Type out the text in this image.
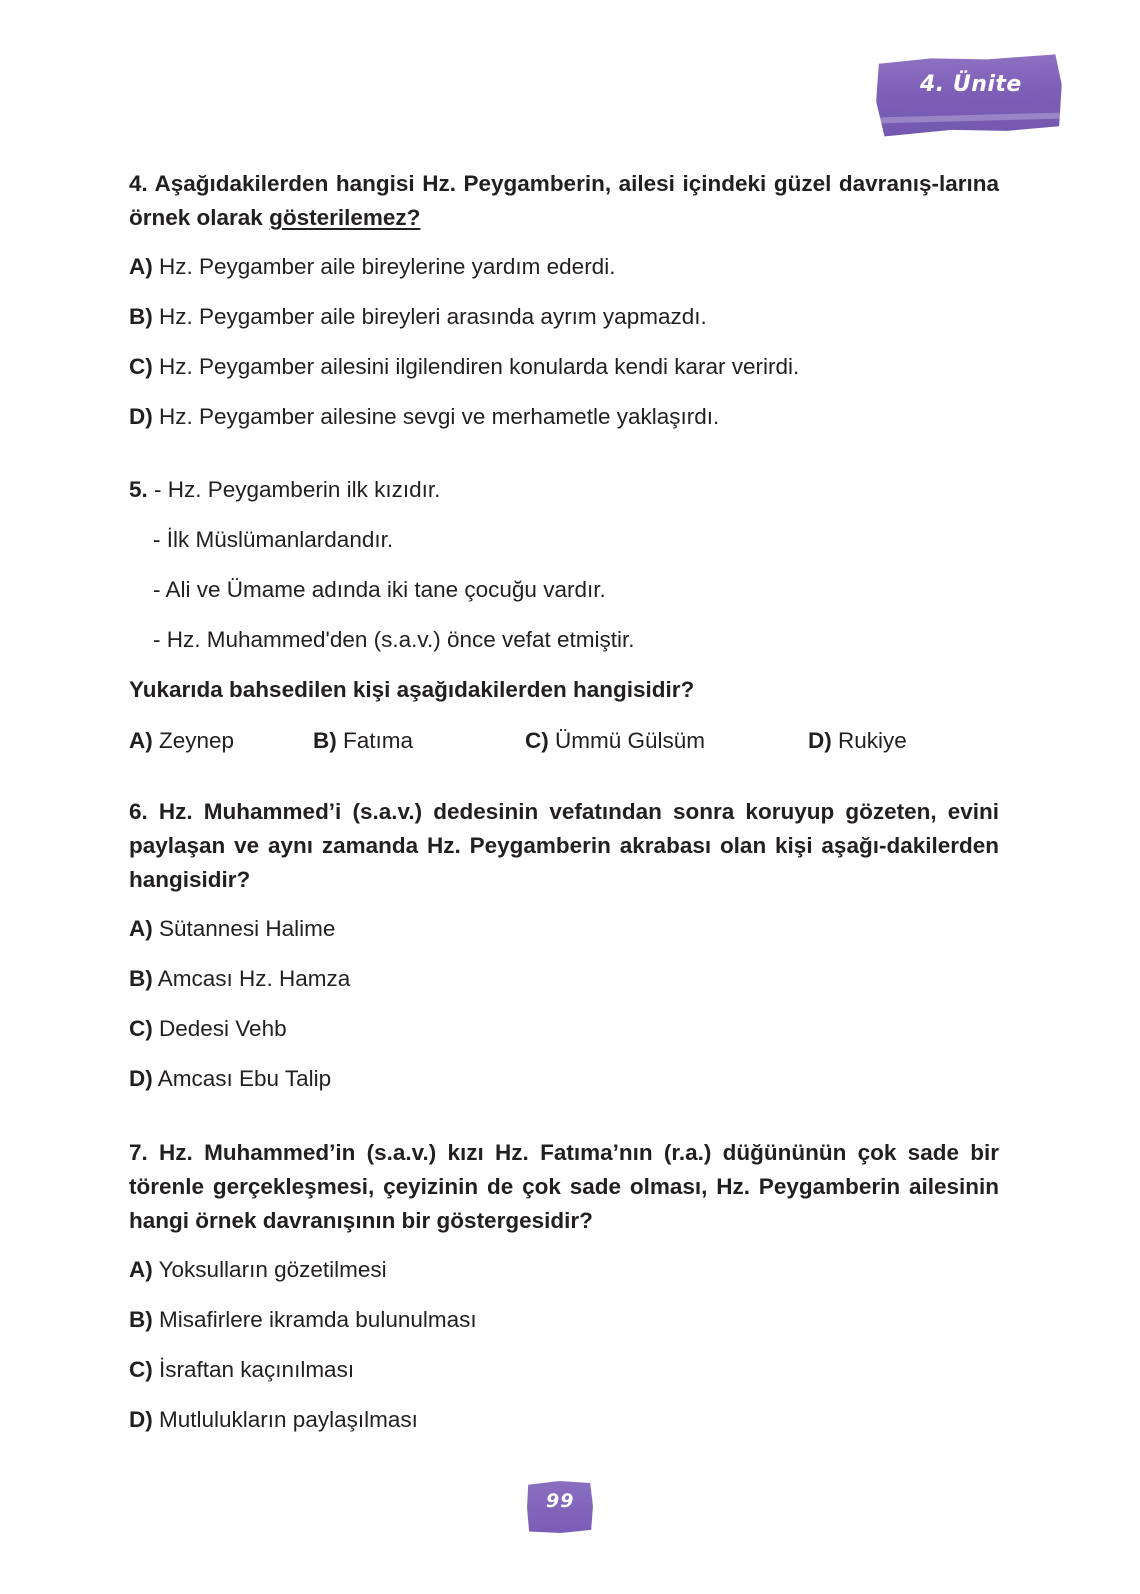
4. Ünite
4. Aşağıdakilerden hangisi Hz. Peygamberin, ailesi içindeki güzel davranış-larına örnek olarak gösterilemez?
A) Hz. Peygamber aile bireylerine yardım ederdi.
B) Hz. Peygamber aile bireyleri arasında ayrım yapmazdı.
C) Hz. Peygamber ailesini ilgilendiren konularda kendi karar verirdi.
D) Hz. Peygamber ailesine sevgi ve merhametle yaklaşırdı.
5. - Hz. Peygamberin ilk kızıdır.
- İlk Müslümanlardandır.
- Ali ve Ümame adında iki tane çocuğu vardır.
- Hz. Muhammed'den (s.a.v.) önce vefat etmiştir.
Yukarıda bahsedilen kişi aşağıdakilerden hangisidir?
A) Zeynep	B) Fatıma	C) Ümmü Gülsüm	D) Rukiye
6. Hz. Muhammed’i (s.a.v.) dedesinin vefatından sonra koruyup gözeten, evini paylaşan ve aynı zamanda Hz. Peygamberin akrabası olan kişi aşağı-dakilerden hangisidir?
A) Sütannesi Halime
B) Amcası Hz. Hamza
C) Dedesi Vehb
D) Amcası Ebu Talip
7. Hz. Muhammed’in (s.a.v.) kızı Hz. Fatıma’nın (r.a.) düğününün çok sade bir törenle gerçekleşmesi, çeyizinin de çok sade olması, Hz. Peygamberin ailesinin hangi örnek davranışının bir göstergesidir?
A) Yoksulların gözetilmesi
B) Misafirlere ikramda bulunulması
C) İsraftan kaçınılması
D) Mutlulukların paylaşılması
99
